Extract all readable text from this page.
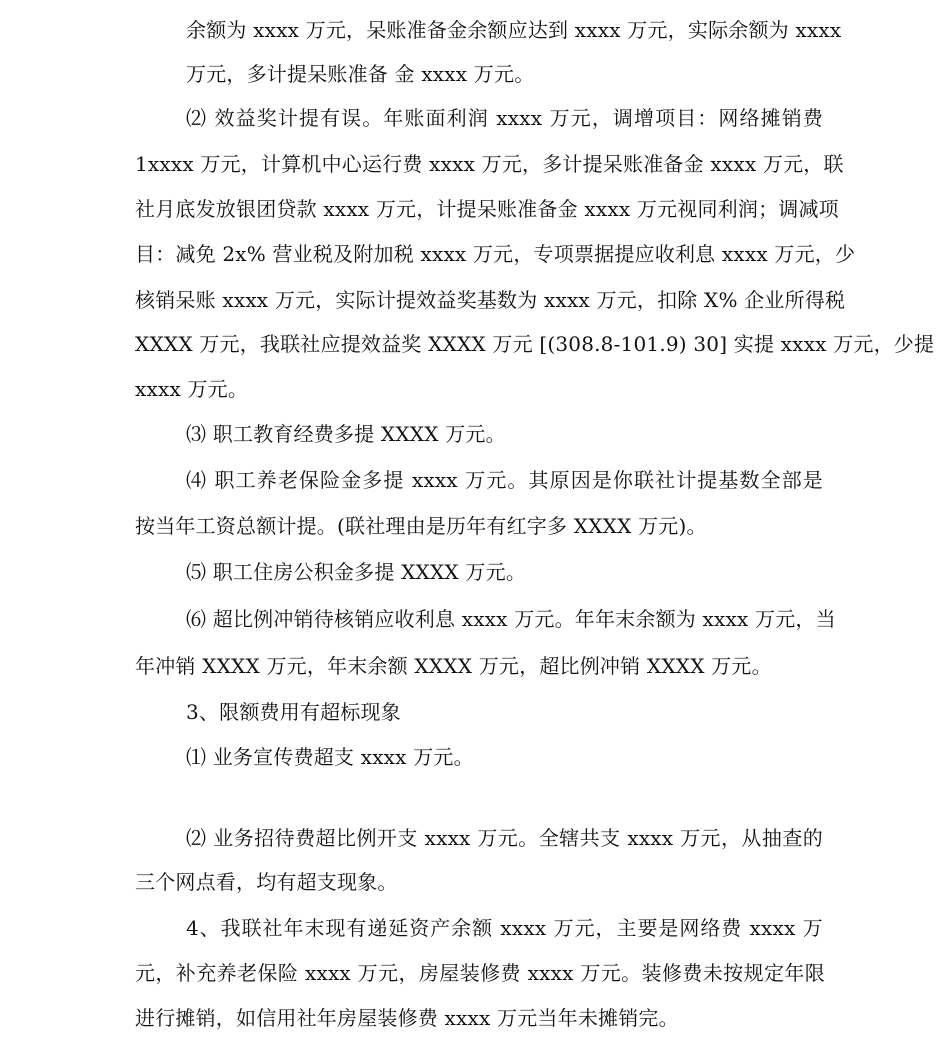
余额为 xxxx 万元，呆账准备金余额应达到 xxxx 万元，实际余额为 xxxx
万元，多计提呆账准备 金 xxxx 万元。
⑵ 效益奖计提有误。年账面利润 xxxx 万元，调增项目：网络摊销费
1xxxx 万元，计算机中心运行费 xxxx 万元，多计提呆账准备金 xxxx 万元，联
社月底发放银团贷款 xxxx 万元，计提呆账准备金 xxxx 万元视同利润；调减项
目：减免 2x% 营业税及附加税 xxxx 万元，专项票据提应收利息 xxxx 万元，少
核销呆账 xxxx 万元，实际计提效益奖基数为 xxxx 万元，扣除 X% 企业所得税
XXXX 万元，我联社应提效益奖 XXXX 万元 [(308.8-101.9) 30] 实提 xxxx 万元，少提
xxxx 万元。
⑶ 职工教育经费多提 XXXX 万元。
⑷ 职工养老保险金多提 xxxx 万元。其原因是你联社计提基数全部是
按当年工资总额计提。(联社理由是历年有红字多 XXXX 万元)。
⑸ 职工住房公积金多提 XXXX 万元。
⑹ 超比例冲销待核销应收利息 xxxx 万元。年年末余额为 xxxx 万元，当
年冲销 XXXX 万元，年末余额 XXXX 万元，超比例冲销 XXXX 万元。
3、限额费用有超标现象
⑴ 业务宣传费超支 xxxx 万元。
⑵ 业务招待费超比例开支 xxxx 万元。全辖共支 xxxx 万元，从抽查的
三个网点看，均有超支现象。
4、我联社年末现有递延资产余额 xxxx 万元，主要是网络费 xxxx 万
元，补充养老保险 xxxx 万元，房屋装修费 xxxx 万元。装修费未按规定年限
进行摊销，如信用社年房屋装修费 xxxx 万元当年未摊销完。
